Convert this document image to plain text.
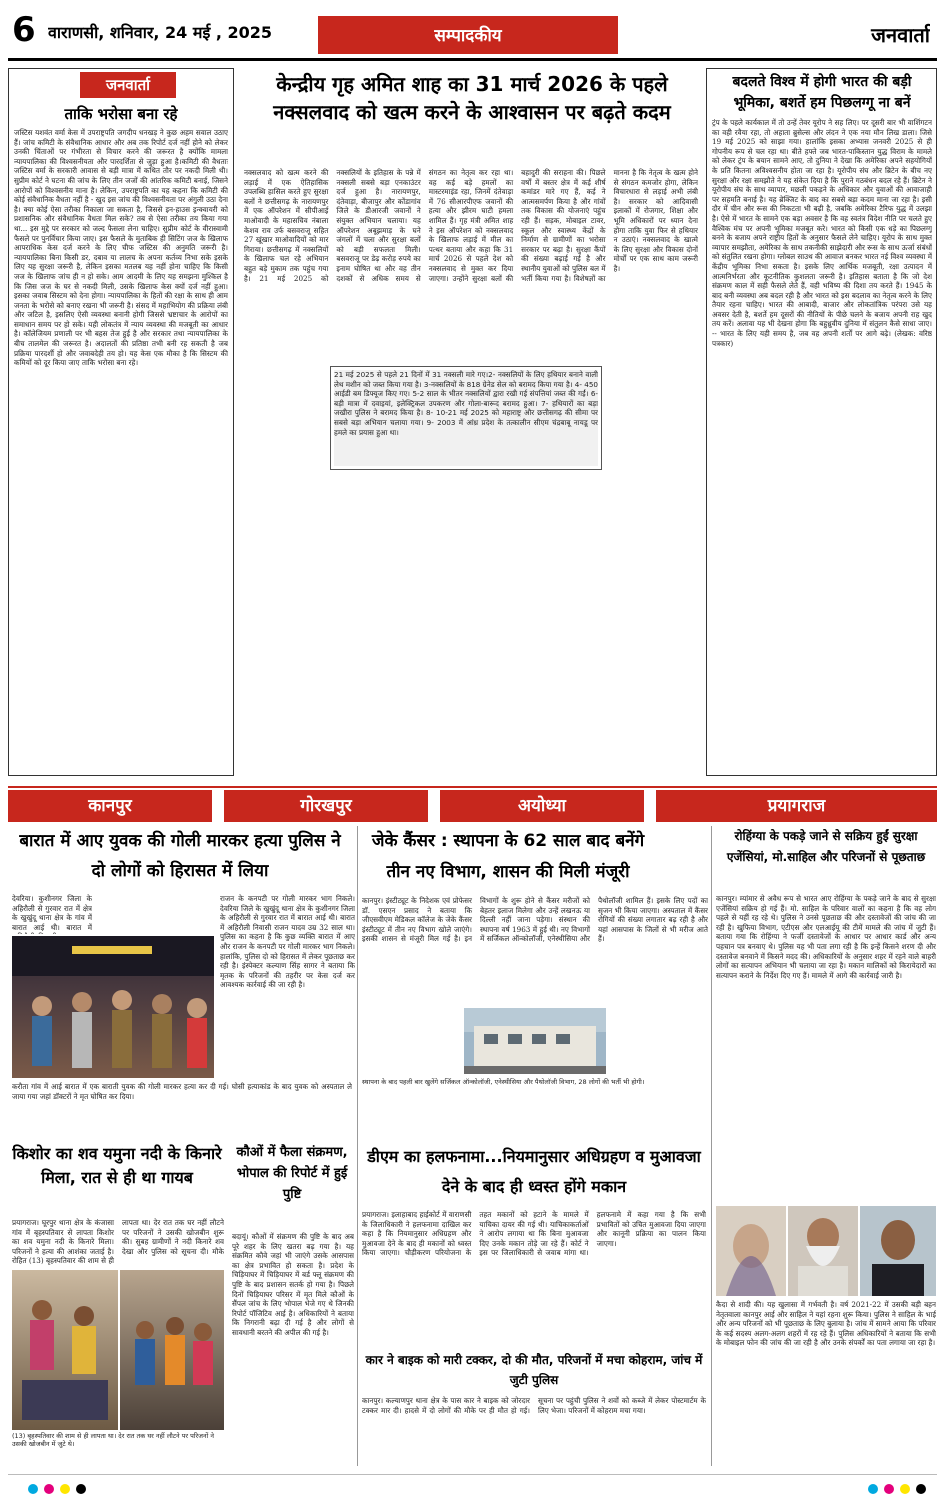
6 वाराणसी, शनिवार, 24 मई , 2025	सम्पादकीय	जनवार्ता
जनवार्ता
ताकि भरोसा बना रहे
जस्टिस यशवंत वर्मा केस में उपराष्ट्रपति जगदीप धनखड़ ने कुछ अहम सवाल उठाए हैं। जांच कमिटी के संवैधानिक आधार और अब तक रिपोर्ट दर्ज नहीं होने को लेकर उनकी चिंताओं पर गंभीरता से विचार करने की जरूरत है क्योंकि मामला न्यायपालिका की विश्वसनीयता और पारदर्शिता से जुड़ा हुआ है।कमिटी की वैधताः जस्टिस वर्मा के सरकारी आवास से बड़ी मात्रा में कथित तौर पर नकदी मिली थी। सुप्रीम कोर्ट ने घटना की जांच के लिए तीन जजों की आंतरिक कमिटी बनाई, जिसने आरोपों को विश्वसनीय माना है। लेकिन, उपराष्ट्रपति का यह कहना कि कमिटी की कोई संवैधानिक वैधता नहीं है - खुद इस जांच की विश्वसनीयता पर अंगुली उठा देना है। क्या कोई ऐसा तरीका निकाला जा सकता है, जिससे इन-हाउस इन्क्वायरी को प्रशासनिक और संवैधानिक वैधता मिल सके? तब से ऐसा तरीका तय किया गया था... इस मुद्दे पर सरकार को जल्द फैसला लेना चाहिए। सुप्रीम कोर्ट के वीरास्वामी फैसले पर पुनर्विचार किया जाए। इस फैसले के मुताबिक ही सिटिंग जज के खिलाफ आपराधिक केस दर्ज करने के लिए चीफ जस्टिस की अनुमति जरूरी है। न्यायपालिका बिना किसी डर, दबाव या लालच के अपना कर्तव्य निभा सके इसके लिए यह सुरक्षा जरूरी है, लेकिन इसका मतलब यह नहीं होना चाहिए कि किसी जज के खिलाफ जांच ही न हो सके। आम आदमी के लिए यह समझना मुश्किल है कि जिस जज के घर से नकदी मिली, उसके खिलाफ केस क्यों दर्ज नहीं हुआ। इसका जवाब सिस्टम को देना होगा। न्यायपालिका के हितों की रक्षा के साथ ही आम जनता के भरोसे को बनाए रखना भी जरूरी है। संसद में महाभियोग की प्रक्रिया लंबी और जटिल है, इसलिए ऐसी व्यवस्था बनानी होगी जिससे भ्रष्टाचार के आरोपों का समाधान समय पर हो सके। यही लोकतंत्र में न्याय व्यवस्था की मजबूती का आधार है। कॉलेजियम प्रणाली पर भी बहस तेज हुई है और सरकार तथा न्यायपालिका के बीच तालमेल की जरूरत है। अदालतों की प्रतिष्ठा तभी बनी रह सकती है जब प्रक्रिया पारदर्शी हो और जवाबदेही तय हो। यह केस एक मौका है कि सिस्टम की कमियों को दूर किया जाए ताकि भरोसा बना रहे।
केन्द्रीय गृह अमित शाह का 31 मार्च 2026 के पहले नक्सलवाद को खत्म करने के आश्वासन पर बढ़ते कदम
नक्सलवाद को खत्म करने की लड़ाई में एक ऐतिहासिक उपलब्धि हासिल करते हुए सुरक्षा बलों ने छत्तीसगढ़ के नारायणपुर में एक ऑपरेशन में सीपीआई माओवादी के महासचिव नंबाला केशव राव उर्फ बसवराजू सहित 27 खूंखार माओवादियों को मार गिराया। छत्तीसगढ़ में नक्सलियों के खिलाफ चल रहे अभियान बहुत बड़े मुकाम तक पहुंच गया है। 21 मई 2025 को नक्सलियों के इतिहास के पन्ने में नक्सली सबसे बड़ा एनकाउंटर दर्ज हुआ है। नारायणपुर, दंतेवाड़ा, बीजापुर और कोंडागांव जिले के डीआरजी जवानों ने संयुक्त अभियान चलाया। यह ऑपरेशन अबूझमाड़ के घने जंगलों में चला और सुरक्षा बलों को बड़ी सफलता मिली। बसवराजू पर डेढ़ करोड़ रुपये का इनाम घोषित था और वह तीन दशकों से अधिक समय से संगठन का नेतृत्व कर रहा था। वह कई बड़े हमलों का मास्टरमाइंड रहा, जिनमें दंतेवाड़ा में 76 सीआरपीएफ जवानों की हत्या और झीरम घाटी हमला शामिल हैं। गृह मंत्री अमित शाह ने इस ऑपरेशन को नक्सलवाद के खिलाफ लड़ाई में मील का पत्थर बताया और कहा कि 31 मार्च 2026 से पहले देश को नक्सलवाद से मुक्त कर दिया जाएगा। उन्होंने सुरक्षा बलों की बहादुरी की सराहना की। पिछले वर्षों में बस्तर क्षेत्र में कई शीर्ष कमांडर मारे गए हैं, कई ने आत्मसमर्पण किया है और गांवों तक विकास की योजनाएं पहुंच रही हैं। सड़क, मोबाइल टावर, स्कूल और स्वास्थ्य केंद्रों के निर्माण से ग्रामीणों का भरोसा सरकार पर बढ़ा है। सुरक्षा कैंपों की संख्या बढ़ाई गई है और स्थानीय युवाओं को पुलिस बल में भर्ती किया गया है। विशेषज्ञों का मानना है कि नेतृत्व के खत्म होने से संगठन कमजोर होगा, लेकिन विचारधारा से लड़ाई अभी लंबी है। सरकार को आदिवासी इलाकों में रोजगार, शिक्षा और भूमि अधिकारों पर ध्यान देना होगा ताकि युवा फिर से हथियार न उठाएं। नक्सलवाद के खात्मे के लिए सुरक्षा और विकास दोनों मोर्चों पर एक साथ काम जरूरी है।
21 मई 2025 से पहले 21 दिनों में 31 नक्सली मारे गए।2- नक्सलियों के लिए हथियार बनाने वाली लेथ मशीन को जब्त किया गया है। 3-नक्सलियों के 818 ग्रेनेड सेल को बरामद किया गया है। 4- 450 आईडी बम डिफ्यूज किए गए। 5-2 साल के भीतर नक्सलियों द्वारा रखी गई संपत्तियां जब्त की गईं। 6- बड़ी मात्रा में दवाइयां, इलेक्ट्रिकल उपकरण और गोला-बारूद बरामद हुआ। 7- हथियारों का बड़ा जखीरा पुलिस ने बरामद किया है। 8- 10-21 मई 2025 को महाराष्ट्र और छत्तीसगढ़ की सीमा पर सबसे बड़ा अभियान चलाया गया। 9- 2003 में आंध्र प्रदेश के तत्कालीन सीएम चंद्रबाबू नायडू पर हमले का प्रयास हुआ था।
बदलते विश्व में होगी भारत की बड़ी भूमिका, बशर्ते हम पिछलग्गू ना बनें
ट्रंप के पहले कार्यकाल में तो उन्हें तेवर यूरोप ने सह लिए। पर दूसरी बार भी वाशिंगटन का वही रवैया रहा, तो अहाता ब्रुसेल्स और लंदन ने एक नया मौन लिख डाला। जिसे 19 मई 2025 को साझा गया। हालांकि इसका अभ्यास जनवरी 2025 से ही गोपनीय रूप से चल रहा था। बीते हफ्ते जब भारत-पाकिस्तान युद्ध विराम के मामले को लेकर ट्रंप के बयान सामने आए, तो दुनिया ने देखा कि अमेरिका अपने सहयोगियों के प्रति कितना अविश्वसनीय होता जा रहा है। यूरोपीय संघ और ब्रिटेन के बीच नए सुरक्षा और रक्षा समझौते ने यह संकेत दिया है कि पुराने गठबंधन बदल रहे हैं। ब्रिटेन ने यूरोपीय संघ के साथ व्यापार, मछली पकड़ने के अधिकार और युवाओं की आवाजाही पर सहमति बनाई है। यह ब्रेक्जिट के बाद का सबसे बड़ा कदम माना जा रहा है। इसी दौर में चीन और रूस की निकटता भी बढ़ी है, जबकि अमेरिका टैरिफ युद्ध में उलझा है। ऐसे में भारत के सामने एक बड़ा अवसर है कि वह स्वतंत्र विदेश नीति पर चलते हुए वैश्विक मंच पर अपनी भूमिका मजबूत करे। भारत को किसी एक धड़े का पिछलग्गू बनने के बजाय अपने राष्ट्रीय हितों के अनुसार फैसले लेने चाहिए। यूरोप के साथ मुक्त व्यापार समझौता, अमेरिका के साथ तकनीकी साझेदारी और रूस के साथ ऊर्जा संबंधों को संतुलित रखना होगा। ग्लोबल साउथ की आवाज बनकर भारत नई विश्व व्यवस्था में केंद्रीय भूमिका निभा सकता है। इसके लिए आर्थिक मजबूती, रक्षा उत्पादन में आत्मनिर्भरता और कूटनीतिक कुशलता जरूरी है। इतिहास बताता है कि जो देश संक्रमण काल में सही फैसले लेते हैं, वही भविष्य की दिशा तय करते हैं। 1945 के बाद बनी व्यवस्था अब बदल रही है और भारत को इस बदलाव का नेतृत्व करने के लिए तैयार रहना चाहिए। भारत की आबादी, बाजार और लोकतांत्रिक परंपरा उसे यह अवसर देती है, बशर्ते हम दूसरों की नीतियों के पीछे चलने के बजाय अपनी राह खुद तय करें। अलावा यह भी देखना होगा कि बहुध्रुवीय दुनिया में संतुलन कैसे साधा जाए। -- भारत के लिए यही समय है, जब वह अपनी शर्तों पर आगे बढ़े। (लेखक: वरिष्ठ पत्रकार)
कानपुर	गोरखपुर	अयोध्या	प्रयागराज
बारात में आए युवक की गोली मारकर हत्या पुलिस ने दो लोगों को हिरासत में लिया
देवरिया। कुशीनगर जिला के अहिरौली से गुरवार रात में क्षेत्र के खुखुंदू थाना क्षेत्र के गांव में बारात आई थी। बारात में
राजन के कनपटी पर गोली मारकर भाग निकले। देवरिया जिले के खुखुंदू थाना क्षेत्र के कुशीनगर जिला के अहिरौली से गुरवार रात में बारात आई थी। बारात में अहिरौली निवासी राजन यादव उम्र 32 साल था। पुलिस का कहना है कि कुछ व्यक्ति बारात में आए और राजन के कनपटी पर गोली मारकर भाग निकले। हालांकि, पुलिस दो को हिरासत में लेकर पूछताछ कर रही है। इंस्पेक्टर कल्याण सिंह सागर ने बताया कि मृतक के परिजनों की तहरीर पर केस दर्ज कर आवश्यक कार्रवाई की जा रही है।
करौता गांव में आई बारात में एक बाराती युवक की गोली मारकर हत्या कर दी गई। घोसी हत्याकांड के बाद युवक को अस्पताल ले जाया गया जहां डॉक्टरों ने मृत घोषित कर दिया।
किशोर का शव यमुना नदी के किनारे मिला, रात से ही था गायब
प्रयागराज। घूरपुर थाना क्षेत्र के कंजासा गांव में बृहस्पतिवार से लापता किशोर का शव यमुना नदी के किनारे मिला। परिजनों ने हत्या की आशंका जताई है। रोहित (13) बृहस्पतिवार की शाम से ही लापता था। देर रात तक घर नहीं लौटने पर परिजनों ने उसकी खोजबीन शुरू की। सुबह ग्रामीणों ने नदी किनारे शव देखा और पुलिस को सूचना दी। मौके
(13) बृहस्पतिवार की शाम से ही लापता था। देर रात तक घर नहीं लौटने पर परिजनों ने उसकी खोजबीन में जुटे थे।
कौओं में फैला संक्रमण, भोपाल की रिपोर्ट में हुई पुष्टि
बदायूं। कौओं में संक्रमण की पुष्टि के बाद अब पूरे शहर के लिए खतरा बढ़ गया है। यह संक्रमित कौवे जहां भी जाएंगे उसके आसपास का क्षेत्र प्रभावित हो सकता है। प्रदेश के चिड़ियाघर में चिड़ियाघर में बर्ड फ्लू संक्रमण की पुष्टि के बाद प्रशासन सतर्क हो गया है। पिछले दिनों चिड़ियाघर परिसर में मृत मिले कौओं के सैंपल जांच के लिए भोपाल भेजे गए थे जिनकी रिपोर्ट पॉजिटिव आई है। अधिकारियों ने बताया कि निगरानी बढ़ा दी गई है और लोगों से सावधानी बरतने की अपील की गई है।
जेके कैंसर : स्थापना के 62 साल बाद बनेंगे तीन नए विभाग, शासन की मिली मंजूरी
कानपुर। इंस्टीट्यूट के निदेशक एवं प्रोफेसर डॉ. एसएन प्रसाद ने बताया कि जीएसवीएम मेडिकल कॉलेज के जेके कैंसर इंस्टीट्यूट में तीन नए विभाग खोले जाएंगे। इसकी शासन से मंजूरी मिल गई है। इन विभागों के शुरू होने से कैंसर मरीजों को बेहतर इलाज मिलेगा और उन्हें लखनऊ या दिल्ली नहीं जाना पड़ेगा। संस्थान की स्थापना वर्ष 1963 में हुई थी। नए विभागों में सर्जिकल ऑन्कोलॉजी, एनेस्थीसिया और पैथोलॉजी शामिल हैं। इसके लिए पदों का सृजन भी किया जाएगा। अस्पताल में कैंसर रोगियों की संख्या लगातार बढ़ रही है और यहां आसपास के जिलों से भी मरीज आते हैं।
स्थापना के बाद पहली बार खुलेंगे सर्जिकल ऑन्कोलॉजी, एनेस्थीसिया और पैथोलॉजी विभाग, 28 लोगों की भर्ती भी होगी।
डीएम का हलफनामा...नियमानुसार अधिग्रहण व मुआवजा देने के बाद ही ध्वस्त होंगे मकान
प्रयागराज। इलाहाबाद हाईकोर्ट में वाराणसी के जिलाधिकारी ने हलफनामा दाखिल कर कहा है कि नियमानुसार अधिग्रहण और मुआवजा देने के बाद ही मकानों को ध्वस्त किया जाएगा। चौड़ीकरण परियोजना के तहत मकानों को हटाने के मामले में याचिका दायर की गई थी। याचिकाकर्ताओं ने आरोप लगाया था कि बिना मुआवजा दिए उनके मकान तोड़े जा रहे हैं। कोर्ट ने इस पर जिलाधिकारी से जवाब मांगा था। हलफनामे में कहा गया है कि सभी प्रभावितों को उचित मुआवजा दिया जाएगा और कानूनी प्रक्रिया का पालन किया जाएगा।
कार ने बाइक को मारी टक्कर, दो की मौत, परिजनों में मचा कोहराम, जांच में जुटी पुलिस
कानपुर। कल्याणपुर थाना क्षेत्र के पास कार ने बाइक को जोरदार टक्कर मार दी। हादसे में दो लोगों की मौके पर ही मौत हो गई। सूचना पर पहुंची पुलिस ने शवों को कब्जे में लेकर पोस्टमार्टम के लिए भेजा। परिजनों में कोहराम मचा गया।
रोहिंग्या के पकड़े जाने से सक्रिय हुईं सुरक्षा एजेंसियां, मो.साहिल और परिजनों से पूछताछ
कानपुर। म्यांमार से अवैध रूप से भारत आए रोहिंग्या के पकड़े जाने के बाद से सुरक्षा एजेंसियां सक्रिय हो गई हैं। मो. साहिल के परिवार वालों का कहना है कि वह लोग पहले से यहीं रह रहे थे। पुलिस ने उनसे पूछताछ की और दस्तावेजों की जांच की जा रही है। खुफिया विभाग, एटीएस और एलआईयू की टीमें मामले की जांच में जुटी हैं। बताया गया कि रोहिंग्या ने फर्जी दस्तावेजों के आधार पर आधार कार्ड और अन्य पहचान पत्र बनवाए थे। पुलिस यह भी पता लगा रही है कि इन्हें किसने शरण दी और दस्तावेज बनवाने में किसने मदद की। अधिकारियों के अनुसार शहर में रहने वाले बाहरी लोगों का सत्यापन अभियान भी चलाया जा रहा है। मकान मालिकों को किरायेदारों का सत्यापन कराने के निर्देश दिए गए हैं। मामले में आगे की कार्रवाई जारी है।
कैदा से शादी की। यह खुलासा में गर्भवती है। वर्ष 2021-22 में उसकी बड़ी बहन नेतृतवाला कानपुर आई और साहिल ने यहां रहना शुरू किया। पुलिस ने साहिल के भाई और अन्य परिजनों को भी पूछताछ के लिए बुलाया है। जांच में सामने आया कि परिवार के कई सदस्य अलग-अलग शहरों में रह रहे हैं। पुलिस अधिकारियों ने बताया कि सभी के मोबाइल फोन की जांच की जा रही है और उनके संपर्कों का पता लगाया जा रहा है।
